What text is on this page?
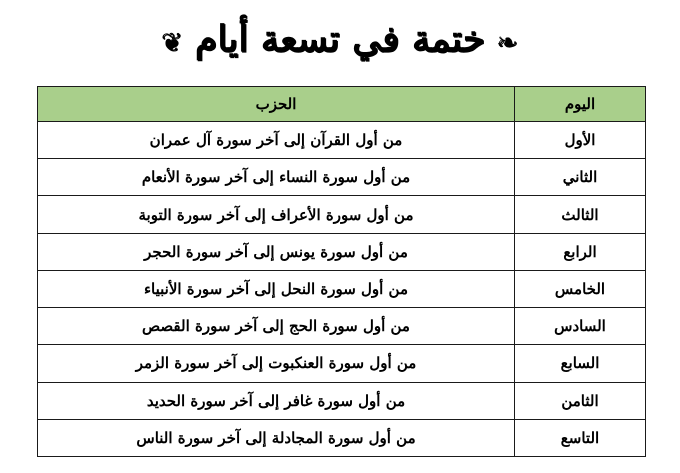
❦ ختمة في تسعة أيام ❧
اليوم	الحزب
الأول	من أول القرآن إلى آخر سورة آل عمران
الثاني	من أول سورة النساء إلى آخر سورة الأنعام
الثالث	من أول سورة الأعراف إلى آخر سورة التوبة
الرابع	من أول سورة يونس إلى آخر سورة الحجر
الخامس	من أول سورة النحل إلى آخر سورة الأنبياء
السادس	من أول سورة الحج إلى آخر سورة القصص
السابع	من أول سورة العنكبوت إلى آخر سورة الزمر
الثامن	من أول سورة غافر إلى آخر سورة الحديد
التاسع	من أول سورة المجادلة إلى آخر سورة الناس
